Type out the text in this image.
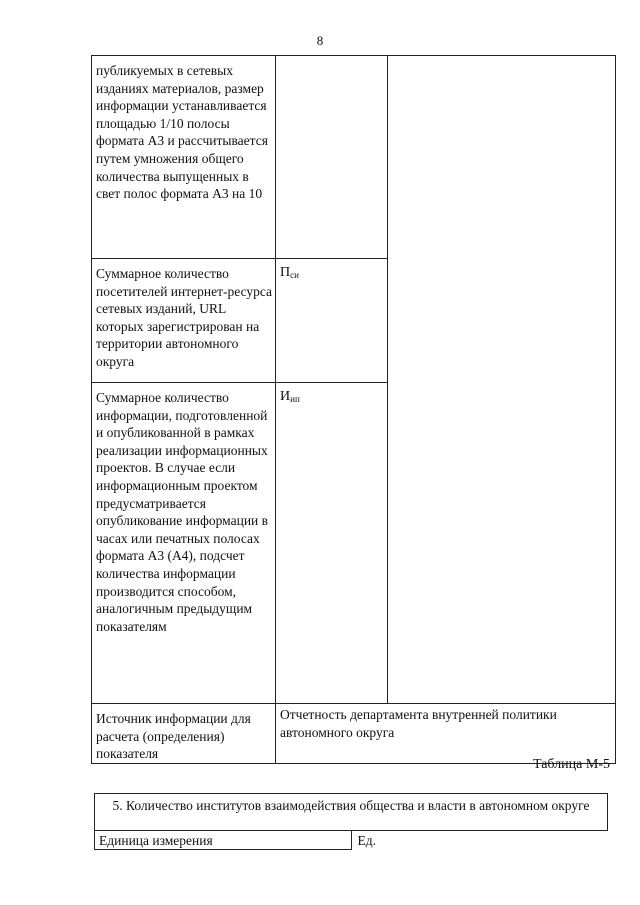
8
публикуемых в сетевых изданиях материалов, размер информации устанавливается площадью 1/10 полосы формата А3 и рассчитывается путем умножения общего количества выпущенных в свет полос формата А3 на 10		
Суммарное количество посетителей интернет-ресурса сетевых изданий, URL которых зарегистрирован на территории автономного округа	$П_{си}$
Суммарное количество информации, подготовленной и опубликованной в рамках реализации информационных проектов. В случае если информационным проектом предусматривается опубликование информации в часах или печатных полосах формата А3 (А4), подсчет количества информации производится способом, аналогичным предыдущим показателям	$И_{ип}$
Источник информации для расчета (определения) показателя	Отчетность департамента внутренней политики автономного округа	
Таблица М-5
5. Количество институтов взаимодействия общества и власти в автономном округе
Единица измерения	Ед.
